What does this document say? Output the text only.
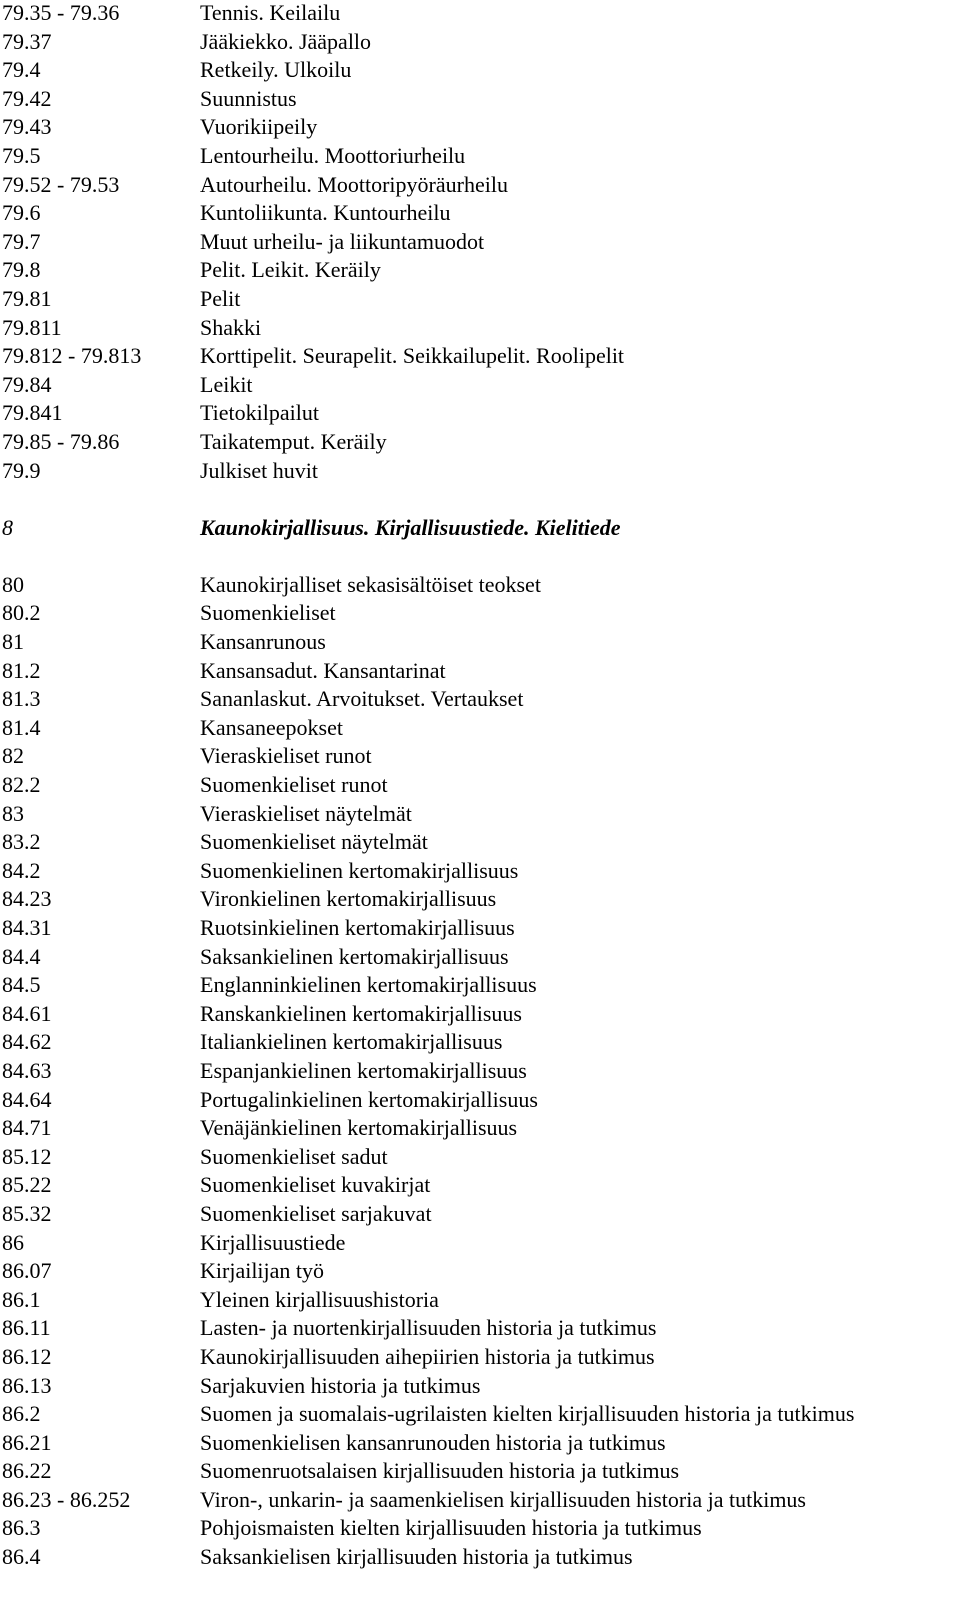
79.35 - 79.36	Tennis. Keilailu
79.37	Jääkiekko. Jääpallo
79.4	Retkeily. Ulkoilu
79.42	Suunnistus
79.43	Vuorikiipeily
79.5	Lentourheilu. Moottoriurheilu
79.52 - 79.53	Autourheilu. Moottoripyöräurheilu
79.6	Kuntoliikunta. Kuntourheilu
79.7	Muut urheilu- ja liikuntamuodot
79.8	Pelit. Leikit. Keräily
79.81	Pelit
79.811	Shakki
79.812 - 79.813	Korttipelit. Seurapelit. Seikkailupelit. Roolipelit
79.84	Leikit
79.841	Tietokilpailut
79.85 - 79.86	Taikatemput. Keräily
79.9	Julkiset huvit
8	Kaunokirjallisuus. Kirjallisuustiede. Kielitiede
80	Kaunokirjalliset sekasisältöiset teokset
80.2	Suomenkieliset
81	Kansanrunous
81.2	Kansansadut. Kansantarinat
81.3	Sananlaskut. Arvoitukset. Vertaukset
81.4	Kansaneepokset
82	Vieraskieliset runot
82.2	Suomenkieliset runot
83	Vieraskieliset näytelmät
83.2	Suomenkieliset näytelmät
84.2	Suomenkielinen kertomakirjallisuus
84.23	Vironkielinen kertomakirjallisuus
84.31	Ruotsinkielinen kertomakirjallisuus
84.4	Saksankielinen kertomakirjallisuus
84.5	Englanninkielinen kertomakirjallisuus
84.61	Ranskankielinen kertomakirjallisuus
84.62	Italiankielinen kertomakirjallisuus
84.63	Espanjankielinen kertomakirjallisuus
84.64	Portugalinkielinen kertomakirjallisuus
84.71	Venäjänkielinen kertomakirjallisuus
85.12	Suomenkieliset sadut
85.22	Suomenkieliset kuvakirjat
85.32	Suomenkieliset sarjakuvat
86	Kirjallisuustiede
86.07	Kirjailijan työ
86.1	Yleinen kirjallisuushistoria
86.11	Lasten- ja nuortenkirjallisuuden historia ja tutkimus
86.12	Kaunokirjallisuuden aihepiirien historia ja tutkimus
86.13	Sarjakuvien historia ja tutkimus
86.2	Suomen ja suomalais-ugrilaisten kielten kirjallisuuden historia ja tutkimus
86.21	Suomenkielisen kansanrunouden historia ja tutkimus
86.22	Suomenruotsalaisen kirjallisuuden historia ja tutkimus
86.23 - 86.252	Viron-, unkarin- ja saamenkielisen kirjallisuuden historia ja tutkimus
86.3	Pohjoismaisten kielten kirjallisuuden historia ja tutkimus
86.4	Saksankielisen kirjallisuuden historia ja tutkimus
